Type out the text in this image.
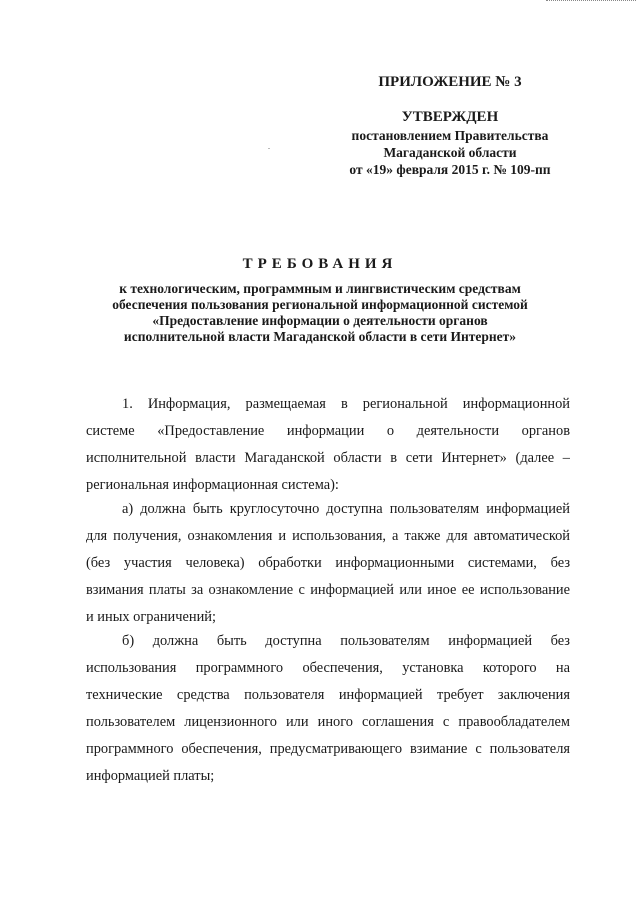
ПРИЛОЖЕНИЕ № 3
УТВЕРЖДЕН
постановлением Правительства
Магаданской области
от «19» февраля 2015 г. № 109-пп
ТРЕБОВАНИЯ
к технологическим, программным и лингвистическим средствам
обеспечения пользования региональной информационной системой
«Предоставление информации о деятельности органов
исполнительной власти Магаданской области в сети Интернет»
1. Информация, размещаемая в региональной информационной
системе «Предоставление информации о деятельности органов
исполнительной власти Магаданской области в сети Интернет» (далее –
региональная информационная система):
а) должна быть круглосуточно доступна пользователям информацией
для получения, ознакомления и использования, а также для автоматической
(без участия человека) обработки информационными системами, без
взимания платы за ознакомление с информацией или иное ее использование
и иных ограничений;
б) должна быть доступна пользователям информацией без
использования программного обеспечения, установка которого на
технические средства пользователя информацией требует заключения
пользователем лицензионного или иного соглашения с правообладателем
программного обеспечения, предусматривающего взимание с пользователя
информацией платы;
